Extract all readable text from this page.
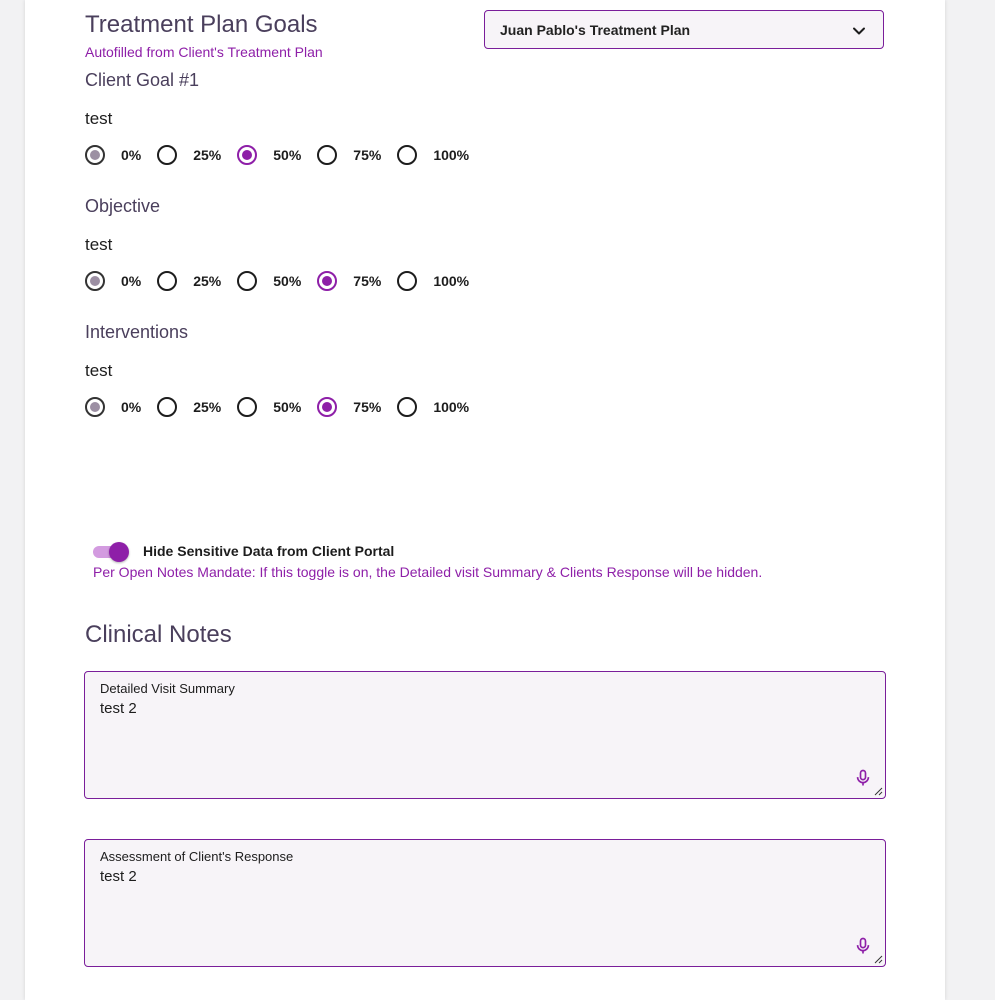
Treatment Plan Goals
Autofilled from Client's Treatment Plan
Juan Pablo's Treatment Plan
Client Goal #1
test
0%	25%	50%	75%	100%
Objective
test
0%	25%	50%	75%	100%
Interventions
test
0%	25%	50%	75%	100%
Hide Sensitive Data from Client Portal
Per Open Notes Mandate: If this toggle is on, the Detailed visit Summary & Clients Response will be hidden.
Clinical Notes
Detailed Visit Summary
test 2
Assessment of Client's Response
test 2
